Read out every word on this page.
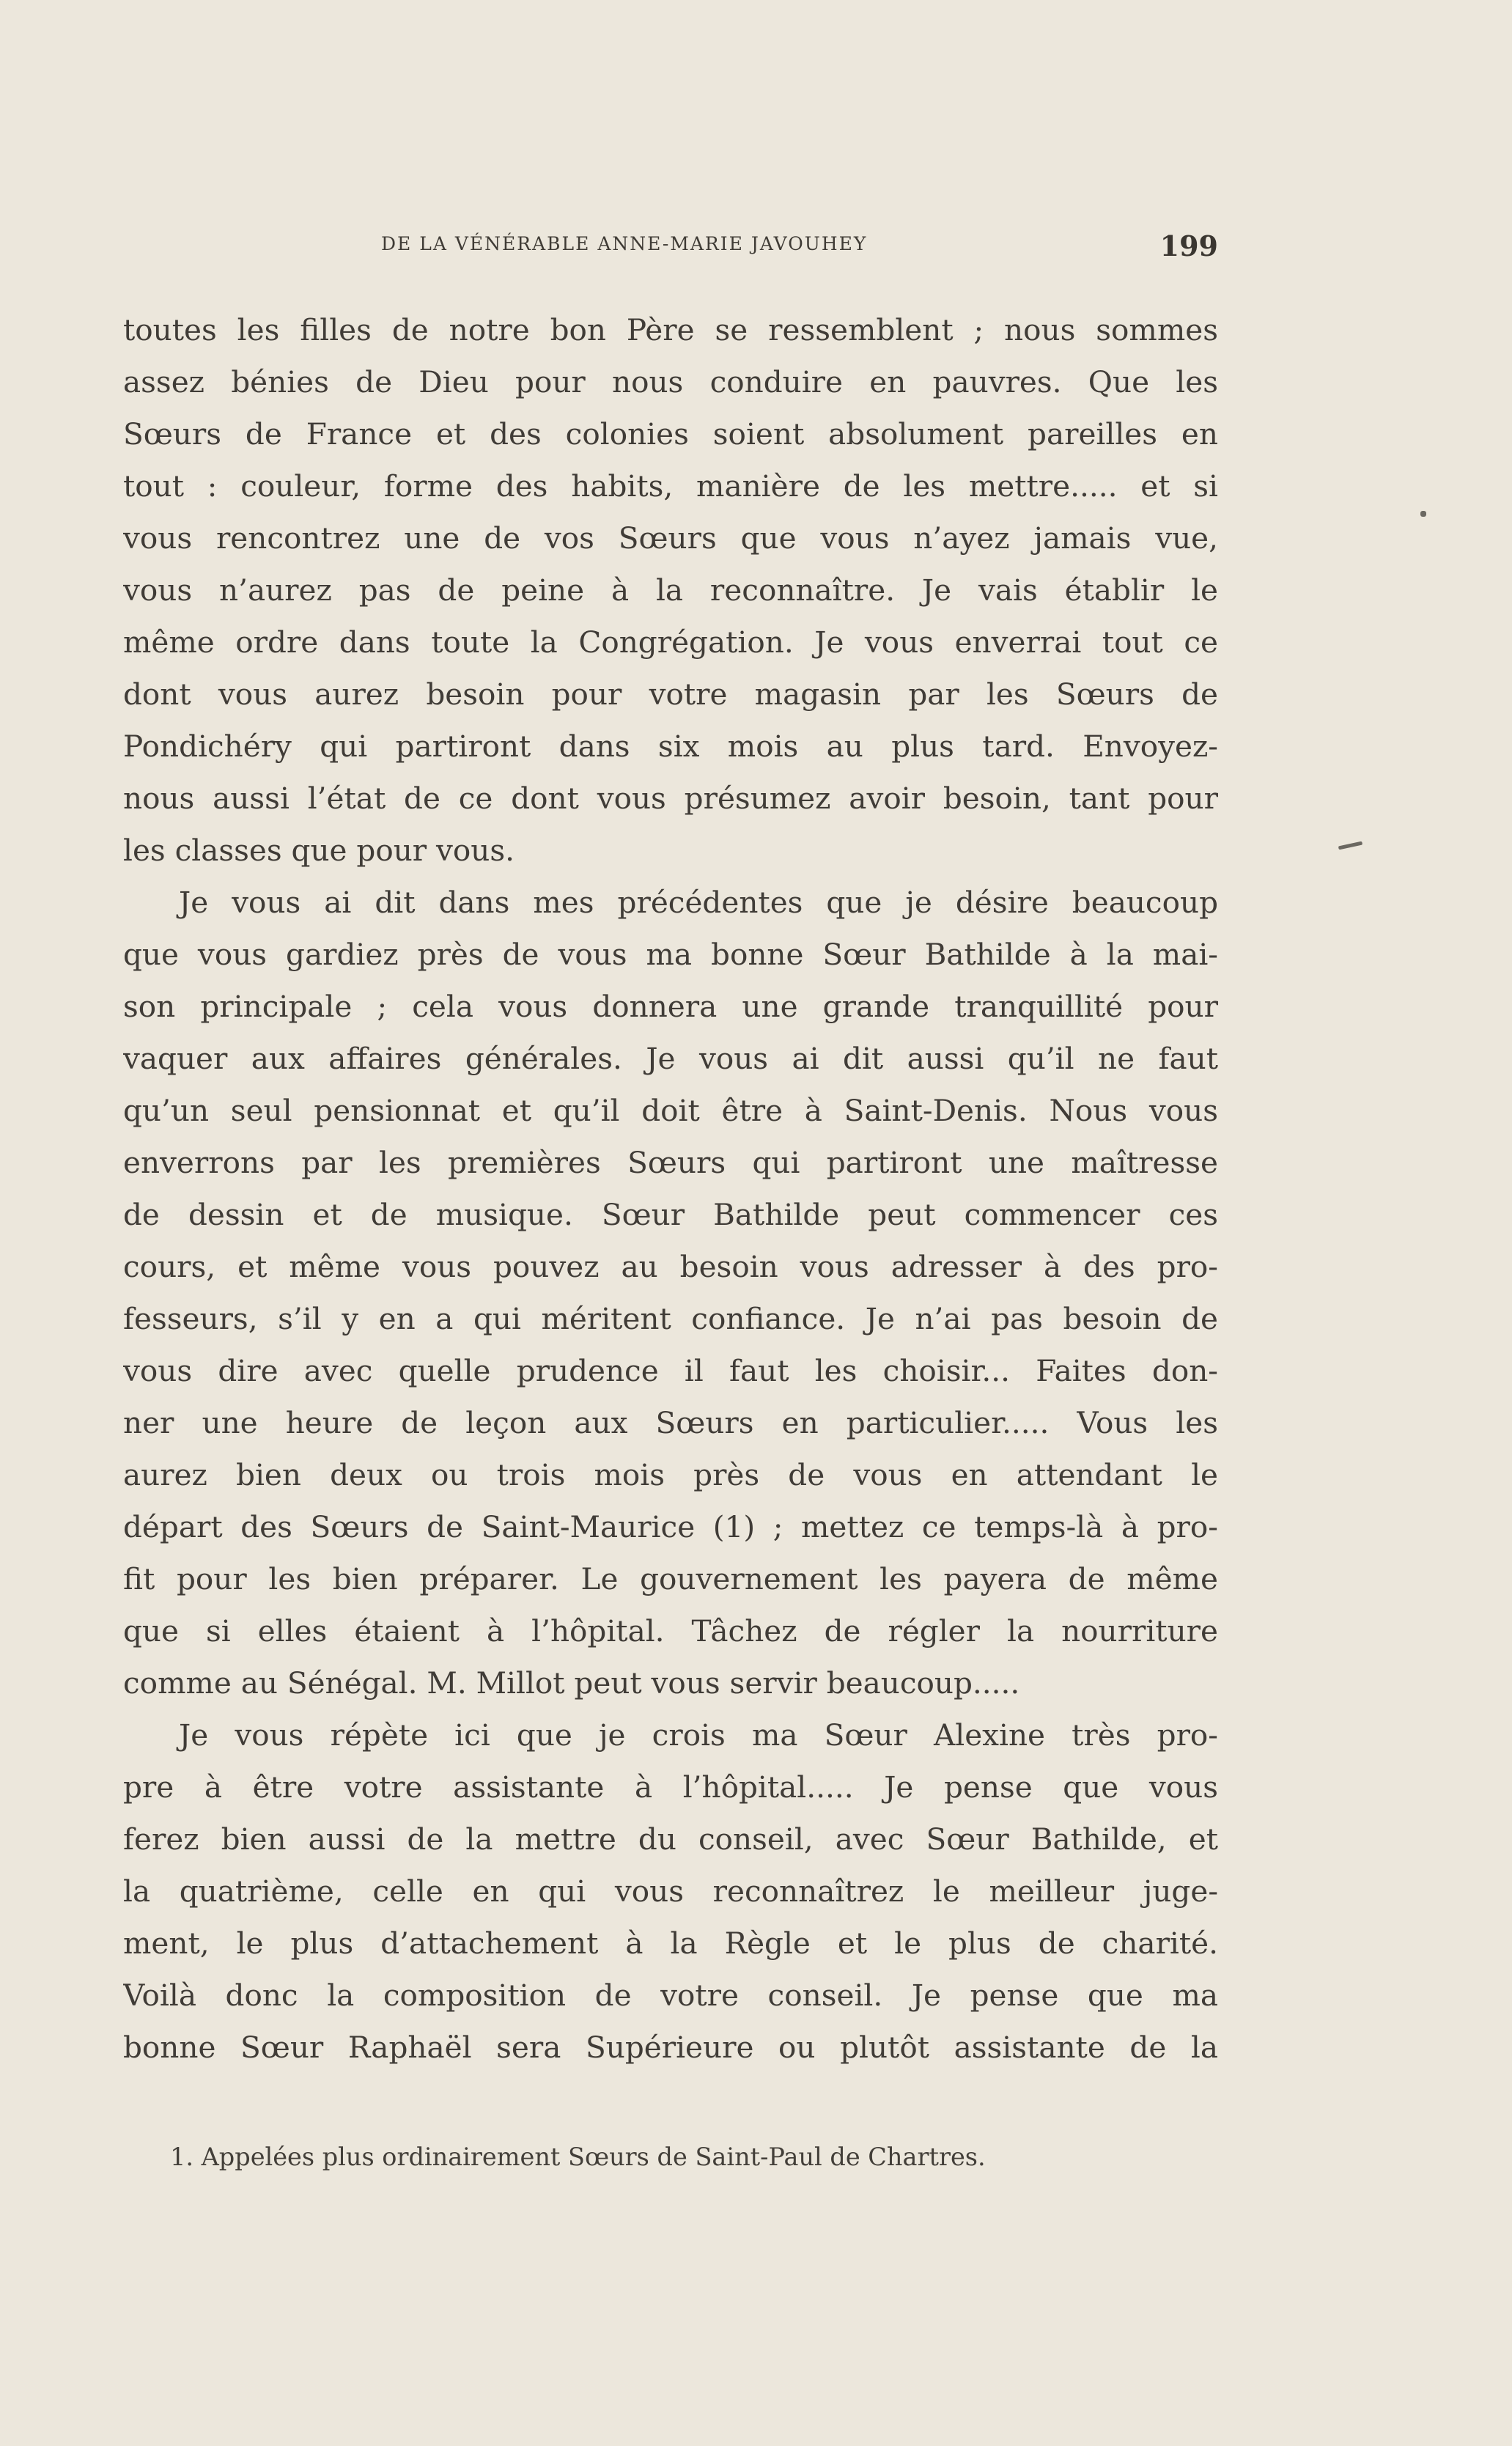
DE LA VÉNÉRABLE ANNE-MARIE JAVOUHEY	199
toutes les filles de notre bon Père se ressemblent ; nous sommes
assez bénies de Dieu pour nous conduire en pauvres. Que les
Sœurs de France et des colonies soient absolument pareilles en
tout : couleur, forme des habits, manière de les mettre..... et si
vous rencontrez une de vos Sœurs que vous n’ayez jamais vue,
vous n’aurez pas de peine à la reconnaître. Je vais établir le
même ordre dans toute la Congrégation. Je vous enverrai tout ce
dont vous aurez besoin pour votre magasin par les Sœurs de
Pondichéry qui partiront dans six mois au plus tard. Envoyez-
nous aussi l’état de ce dont vous présumez avoir besoin, tant pour
les classes que pour vous.
Je vous ai dit dans mes précédentes que je désire beaucoup
que vous gardiez près de vous ma bonne Sœur Bathilde à la mai-
son principale ; cela vous donnera une grande tranquillité pour
vaquer aux affaires générales. Je vous ai dit aussi qu’il ne faut
qu’un seul pensionnat et qu’il doit être à Saint-Denis. Nous vous
enverrons par les premières Sœurs qui partiront une maîtresse
de dessin et de musique. Sœur Bathilde peut commencer ces
cours, et même vous pouvez au besoin vous adresser à des pro-
fesseurs, s’il y en a qui méritent confiance. Je n’ai pas besoin de
vous dire avec quelle prudence il faut les choisir... Faites don-
ner une heure de leçon aux Sœurs en particulier..... Vous les
aurez bien deux ou trois mois près de vous en attendant le
départ des Sœurs de Saint-Maurice (1) ; mettez ce temps-là à pro-
fit pour les bien préparer. Le gouvernement les payera de même
que si elles étaient à l’hôpital. Tâchez de régler la nourriture
comme au Sénégal. M. Millot peut vous servir beaucoup.....
Je vous répète ici que je crois ma Sœur Alexine très pro-
pre à être votre assistante à l’hôpital..... Je pense que vous
ferez bien aussi de la mettre du conseil, avec Sœur Bathilde, et
la quatrième, celle en qui vous reconnaîtrez le meilleur juge-
ment, le plus d’attachement à la Règle et le plus de charité.
Voilà donc la composition de votre conseil. Je pense que ma
bonne Sœur Raphaël sera Supérieure ou plutôt assistante de la
1. Appelées plus ordinairement Sœurs de Saint-Paul de Chartres.
